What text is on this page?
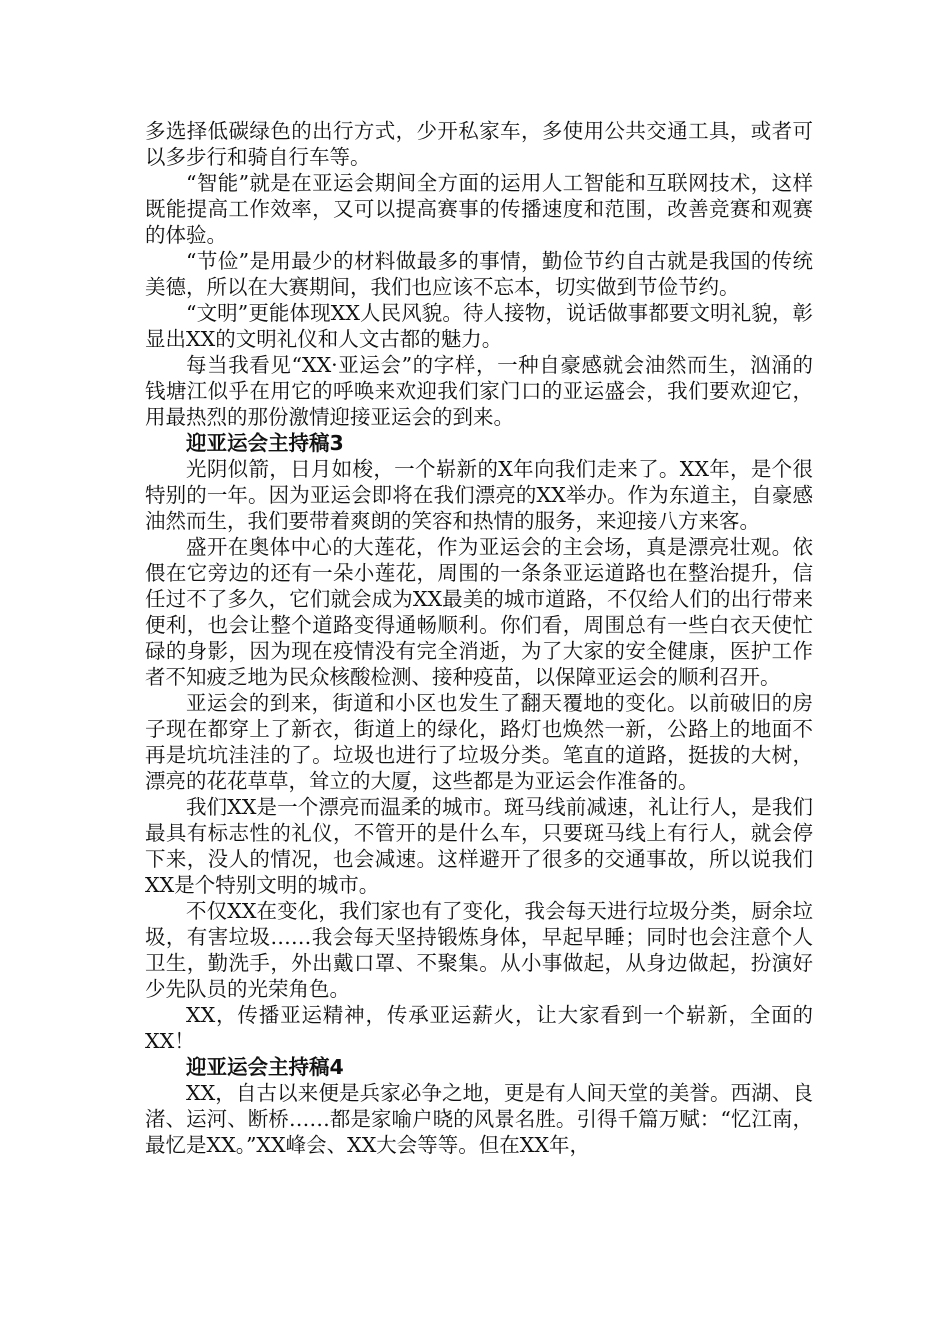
多选择低碳绿色的出行方式，少开私家车，多使用公共交通工具，或者可以多步行和骑自行车等。

“智能”就是在亚运会期间全方面的运用人工智能和互联网技术，这样既能提高工作效率，又可以提高赛事的传播速度和范围，改善竞赛和观赛的体验。

“节俭”是用最少的材料做最多的事情，勤俭节约自古就是我国的传统美德，所以在大赛期间，我们也应该不忘本，切实做到节俭节约。

“文明”更能体现XX人民风貌。待人接物，说话做事都要文明礼貌，彰显出XX的文明礼仪和人文古都的魅力。

每当我看见“XX·亚运会”的字样，一种自豪感就会油然而生，汹涌的钱塘江似乎在用它的呼唤来欢迎我们家门口的亚运盛会，我们要欢迎它，用最热烈的那份激情迎接亚运会的到来。

迎亚运会主持稿3

光阴似箭，日月如梭，一个崭新的X年向我们走来了。XX年，是个很特别的一年。因为亚运会即将在我们漂亮的XX举办。作为东道主，自豪感油然而生，我们要带着爽朗的笑容和热情的服务，来迎接八方来客。

盛开在奥体中心的大莲花，作为亚运会的主会场，真是漂亮壮观。依偎在它旁边的还有一朵小莲花，周围的一条条亚运道路也在整治提升，信任过不了多久，它们就会成为XX最美的城市道路，不仅给人们的出行带来便利，也会让整个道路变得通畅顺利。你们看，周围总有一些白衣天使忙碌的身影，因为现在疫情没有完全消逝，为了大家的安全健康，医护工作者不知疲乏地为民众核酸检测、接种疫苗，以保障亚运会的顺利召开。

亚运会的到来，街道和小区也发生了翻天覆地的变化。以前破旧的房子现在都穿上了新衣，街道上的绿化，路灯也焕然一新，公路上的地面不再是坑坑洼洼的了。垃圾也进行了垃圾分类。笔直的道路，挺拔的大树，漂亮的花花草草，耸立的大厦，这些都是为亚运会作准备的。

我们XX是一个漂亮而温柔的城市。斑马线前减速，礼让行人，是我们最具有标志性的礼仪，不管开的是什么车，只要斑马线上有行人，就会停下来，没人的情况，也会减速。这样避开了很多的交通事故，所以说我们XX是个特别文明的城市。

不仅XX在变化，我们家也有了变化，我会每天进行垃圾分类，厨余垃圾，有害垃圾……我会每天坚持锻炼身体，早起早睡；同时也会注意个人卫生，勤洗手，外出戴口罩、不聚集。从小事做起，从身边做起，扮演好少先队员的光荣角色。

XX，传播亚运精神，传承亚运薪火，让大家看到一个崭新，全面的XX！

迎亚运会主持稿4

XX，自古以来便是兵家必争之地，更是有人间天堂的美誉。西湖、良渚、运河、断桥……都是家喻户晓的风景名胜。引得千篇万赋：“忆江南，最忆是XX。”XX峰会、XX大会等等。但在XX年，
